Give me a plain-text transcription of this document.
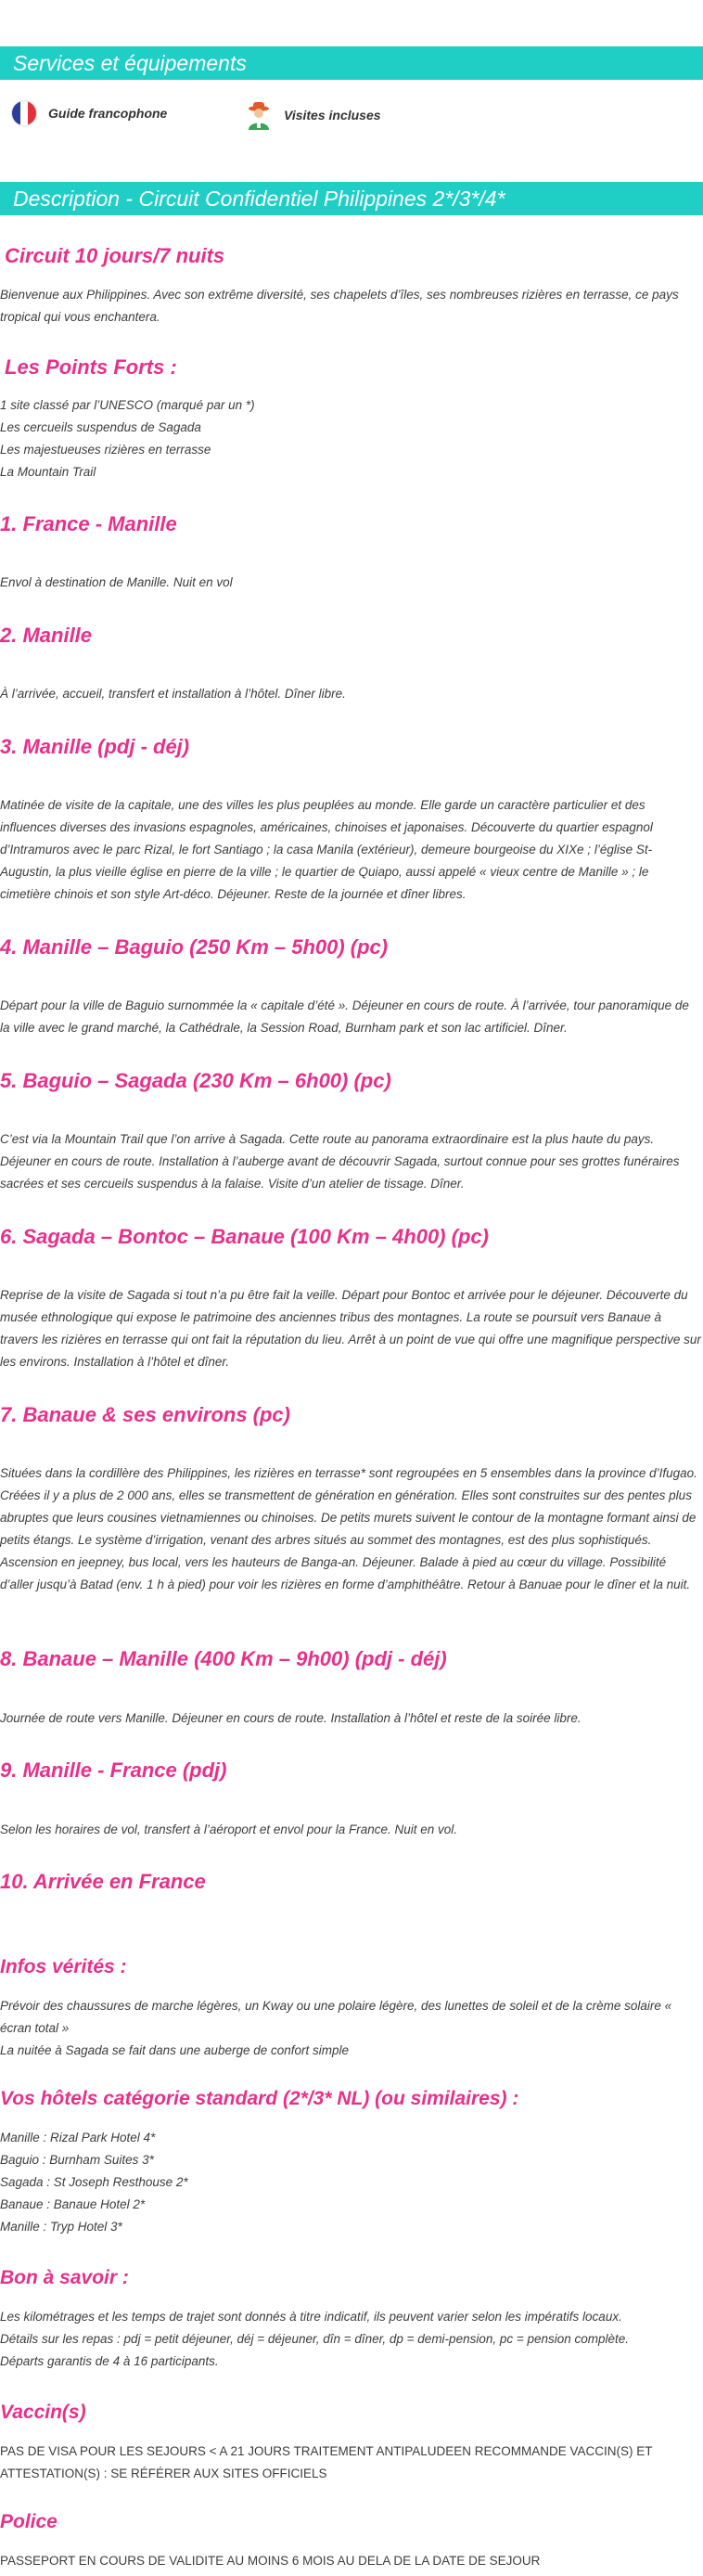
Services et équipements
Guide francophone	Visites incluses
Description - Circuit Confidentiel Philippines 2*/3*/4*
Circuit 10 jours/7 nuits

Bienvenue aux Philippines. Avec son extrême diversité, ses chapelets d’îles, ses nombreuses rizières en terrasse, ce pays tropical qui vous enchantera.

Les Points Forts :
1 site classé par l’UNESCO (marqué par un *)
Les cercueils suspendus de Sagada
Les majestueuses rizières en terrasse
La Mountain Trail
1. France - Manille

Envol à destination de Manille. Nuit en vol

2. Manille

À l’arrivée, accueil, transfert et installation à l’hôtel. Dîner libre.

3. Manille (pdj - déj)

Matinée de visite de la capitale, une des villes les plus peuplées au monde. Elle garde un caractère particulier et des influences diverses des invasions espagnoles, américaines, chinoises et japonaises. Découverte du quartier espagnol d’Intramuros avec le parc Rizal, le fort Santiago ; la casa Manila (extérieur), demeure bourgeoise du XIXe ; l’église St-Augustin, la plus vieille église en pierre de la ville ; le quartier de Quiapo, aussi appelé « vieux centre de Manille » ; le cimetière chinois et son style Art-déco. Déjeuner. Reste de la journée et dîner libres.

4. Manille – Baguio (250 Km – 5h00) (pc)

Départ pour la ville de Baguio surnommée la « capitale d’été ». Déjeuner en cours de route. À l’arrivée, tour panoramique de la ville avec le grand marché, la Cathédrale, la Session Road, Burnham park et son lac artificiel. Dîner.

5. Baguio – Sagada (230 Km – 6h00) (pc)

C’est via la Mountain Trail que l’on arrive à Sagada. Cette route au panorama extraordinaire est la plus haute du pays. Déjeuner en cours de route. Installation à l’auberge avant de découvrir Sagada, surtout connue pour ses grottes funéraires sacrées et ses cercueils suspendus à la falaise. Visite d’un atelier de tissage. Dîner.

6. Sagada – Bontoc – Banaue (100 Km – 4h00) (pc)

Reprise de la visite de Sagada si tout n’a pu être fait la veille. Départ pour Bontoc et arrivée pour le déjeuner. Découverte du musée ethnologique qui expose le patrimoine des anciennes tribus des montagnes. La route se poursuit vers Banaue à travers les rizières en terrasse qui ont fait la réputation du lieu. Arrêt à un point de vue qui offre une magnifique perspective sur les environs. Installation à l’hôtel et dîner.

7. Banaue & ses environs (pc)

Situées dans la cordillère des Philippines, les rizières en terrasse* sont regroupées en 5 ensembles dans la province d’Ifugao. Créées il y a plus de 2 000 ans, elles se transmettent de génération en génération. Elles sont construites sur des pentes plus abruptes que leurs cousines vietnamiennes ou chinoises. De petits murets suivent le contour de la montagne formant ainsi de petits étangs. Le système d’irrigation, venant des arbres situés au sommet des montagnes, est des plus sophistiqués. Ascension en jeepney, bus local, vers les hauteurs de Banga-an. Déjeuner. Balade à pied au cœur du village. Possibilité d’aller jusqu’à Batad (env. 1 h à pied) pour voir les rizières en forme d’amphithéâtre. Retour à Banuae pour le dîner et la nuit.

8. Banaue – Manille (400 Km – 9h00) (pdj - déj)

Journée de route vers Manille. Déjeuner en cours de route. Installation à l’hôtel et reste de la soirée libre.

9. Manille - France (pdj)

Selon les horaires de vol, transfert à l’aéroport et envol pour la France. Nuit en vol.

10. Arrivée en France
Infos vérités :

Prévoir des chaussures de marche légères, un Kway ou une polaire légère, des lunettes de soleil et de la crème solaire « écran total »

La nuitée à Sagada se fait dans une auberge de confort simple

Vos hôtels catégorie standard (2*/3* NL) (ou similaires) :
Manille : Rizal Park Hotel 4*
Baguio : Burnham Suites 3*
Sagada : St Joseph Resthouse 2*
Banaue : Banaue Hotel 2*
Manille : Tryp Hotel 3*
Bon à savoir :
Les kilométrages et les temps de trajet sont donnés à titre indicatif, ils peuvent varier selon les impératifs locaux.
Détails sur les repas : pdj = petit déjeuner, déj = déjeuner, dîn = dîner, dp = demi-pension, pc = pension complète.
Départs garantis de 4 à 16 participants.
Vaccin(s)

PAS DE VISA POUR LES SEJOURS < A 21 JOURS TRAITEMENT ANTIPALUDEEN RECOMMANDE VACCIN(S) ET ATTESTATION(S) : SE RÉFÉRER AUX SITES OFFICIELS

Police

PASSEPORT EN COURS DE VALIDITE AU MOINS 6 MOIS AU DELA DE LA DATE DE SEJOUR
